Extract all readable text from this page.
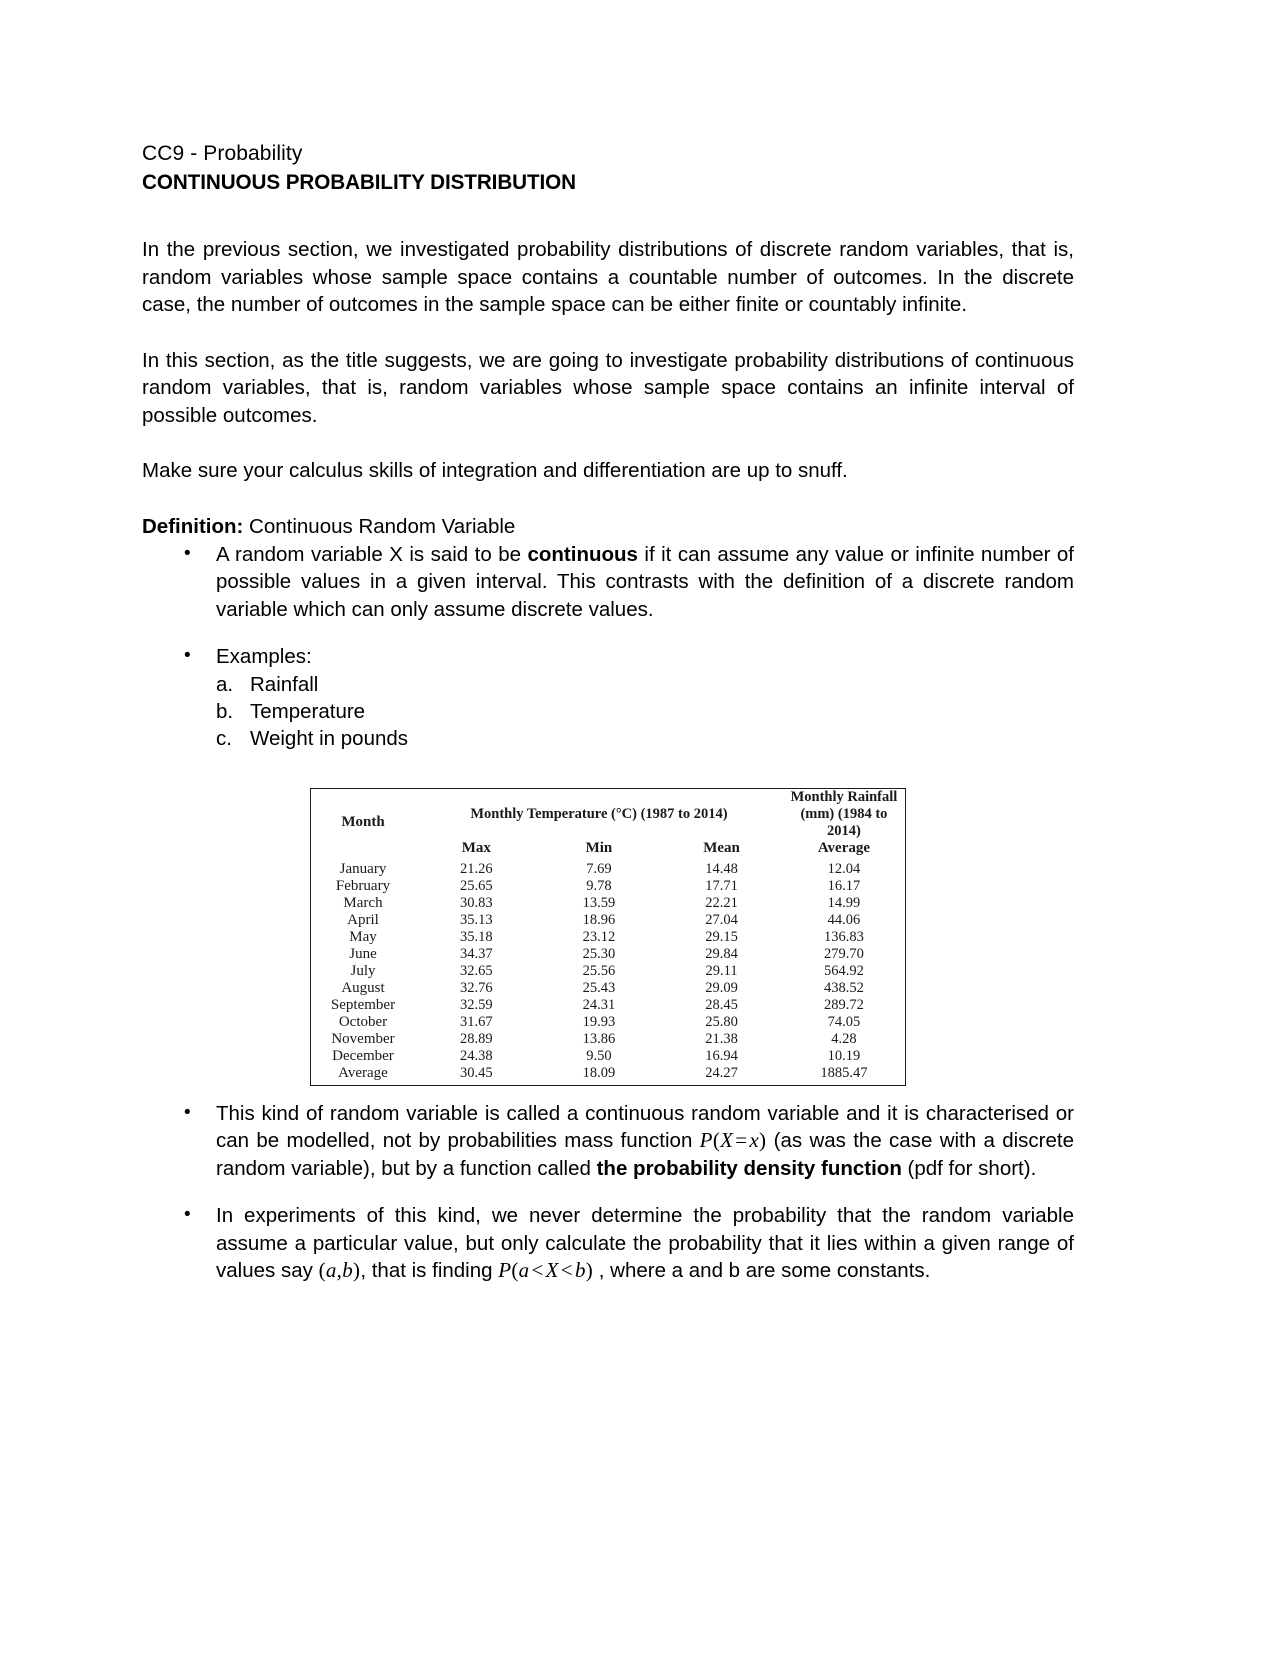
CC9 - Probability
CONTINUOUS PROBABILITY DISTRIBUTION

In the previous section, we investigated probability distributions of discrete random variables, that is, random variables whose sample space contains a countable number of outcomes. In the discrete case, the number of outcomes in the sample space can be either finite or countably infinite.

In this section, as the title suggests, we are going to investigate probability distributions of continuous random variables, that is, random variables whose sample space contains an infinite interval of possible outcomes.

Make sure your calculus skills of integration and differentiation are up to snuff.

Definition: Continuous Random Variable
• A random variable X is said to be continuous if it can assume any value or infinite number of possible values in a given interval. This contrasts with the definition of a discrete random variable which can only assume discrete values.
• Examples:
a. Rainfall
b. Temperature
c. Weight in pounds
Month	Monthly Temperature (°C) (1987 to 2014)			Monthly Rainfall (mm) (1984 to 2014)
	Max	Min	Mean	Average

January	21.26	7.69	14.48	12.04
February	25.65	9.78	17.71	16.17
March	30.83	13.59	22.21	14.99
April	35.13	18.96	27.04	44.06
May	35.18	23.12	29.15	136.83
June	34.37	25.30	29.84	279.70
July	32.65	25.56	29.11	564.92
August	32.76	25.43	29.09	438.52
September	32.59	24.31	28.45	289.72
October	31.67	19.93	25.80	74.05
November	28.89	13.86	21.38	4.28
December	24.38	9.50	16.94	10.19
Average	30.45	18.09	24.27	1885.47
• This kind of random variable is called a continuous random variable and it is characterised or can be modelled, not by probabilities mass function P(X=x) (as was the case with a discrete random variable), but by a function called the probability density function (pdf for short).
• In experiments of this kind, we never determine the probability that the random variable assume a particular value, but only calculate the probability that it lies within a given range of values say (a,b), that is finding P(a<X<b) , where a and b are some constants.
